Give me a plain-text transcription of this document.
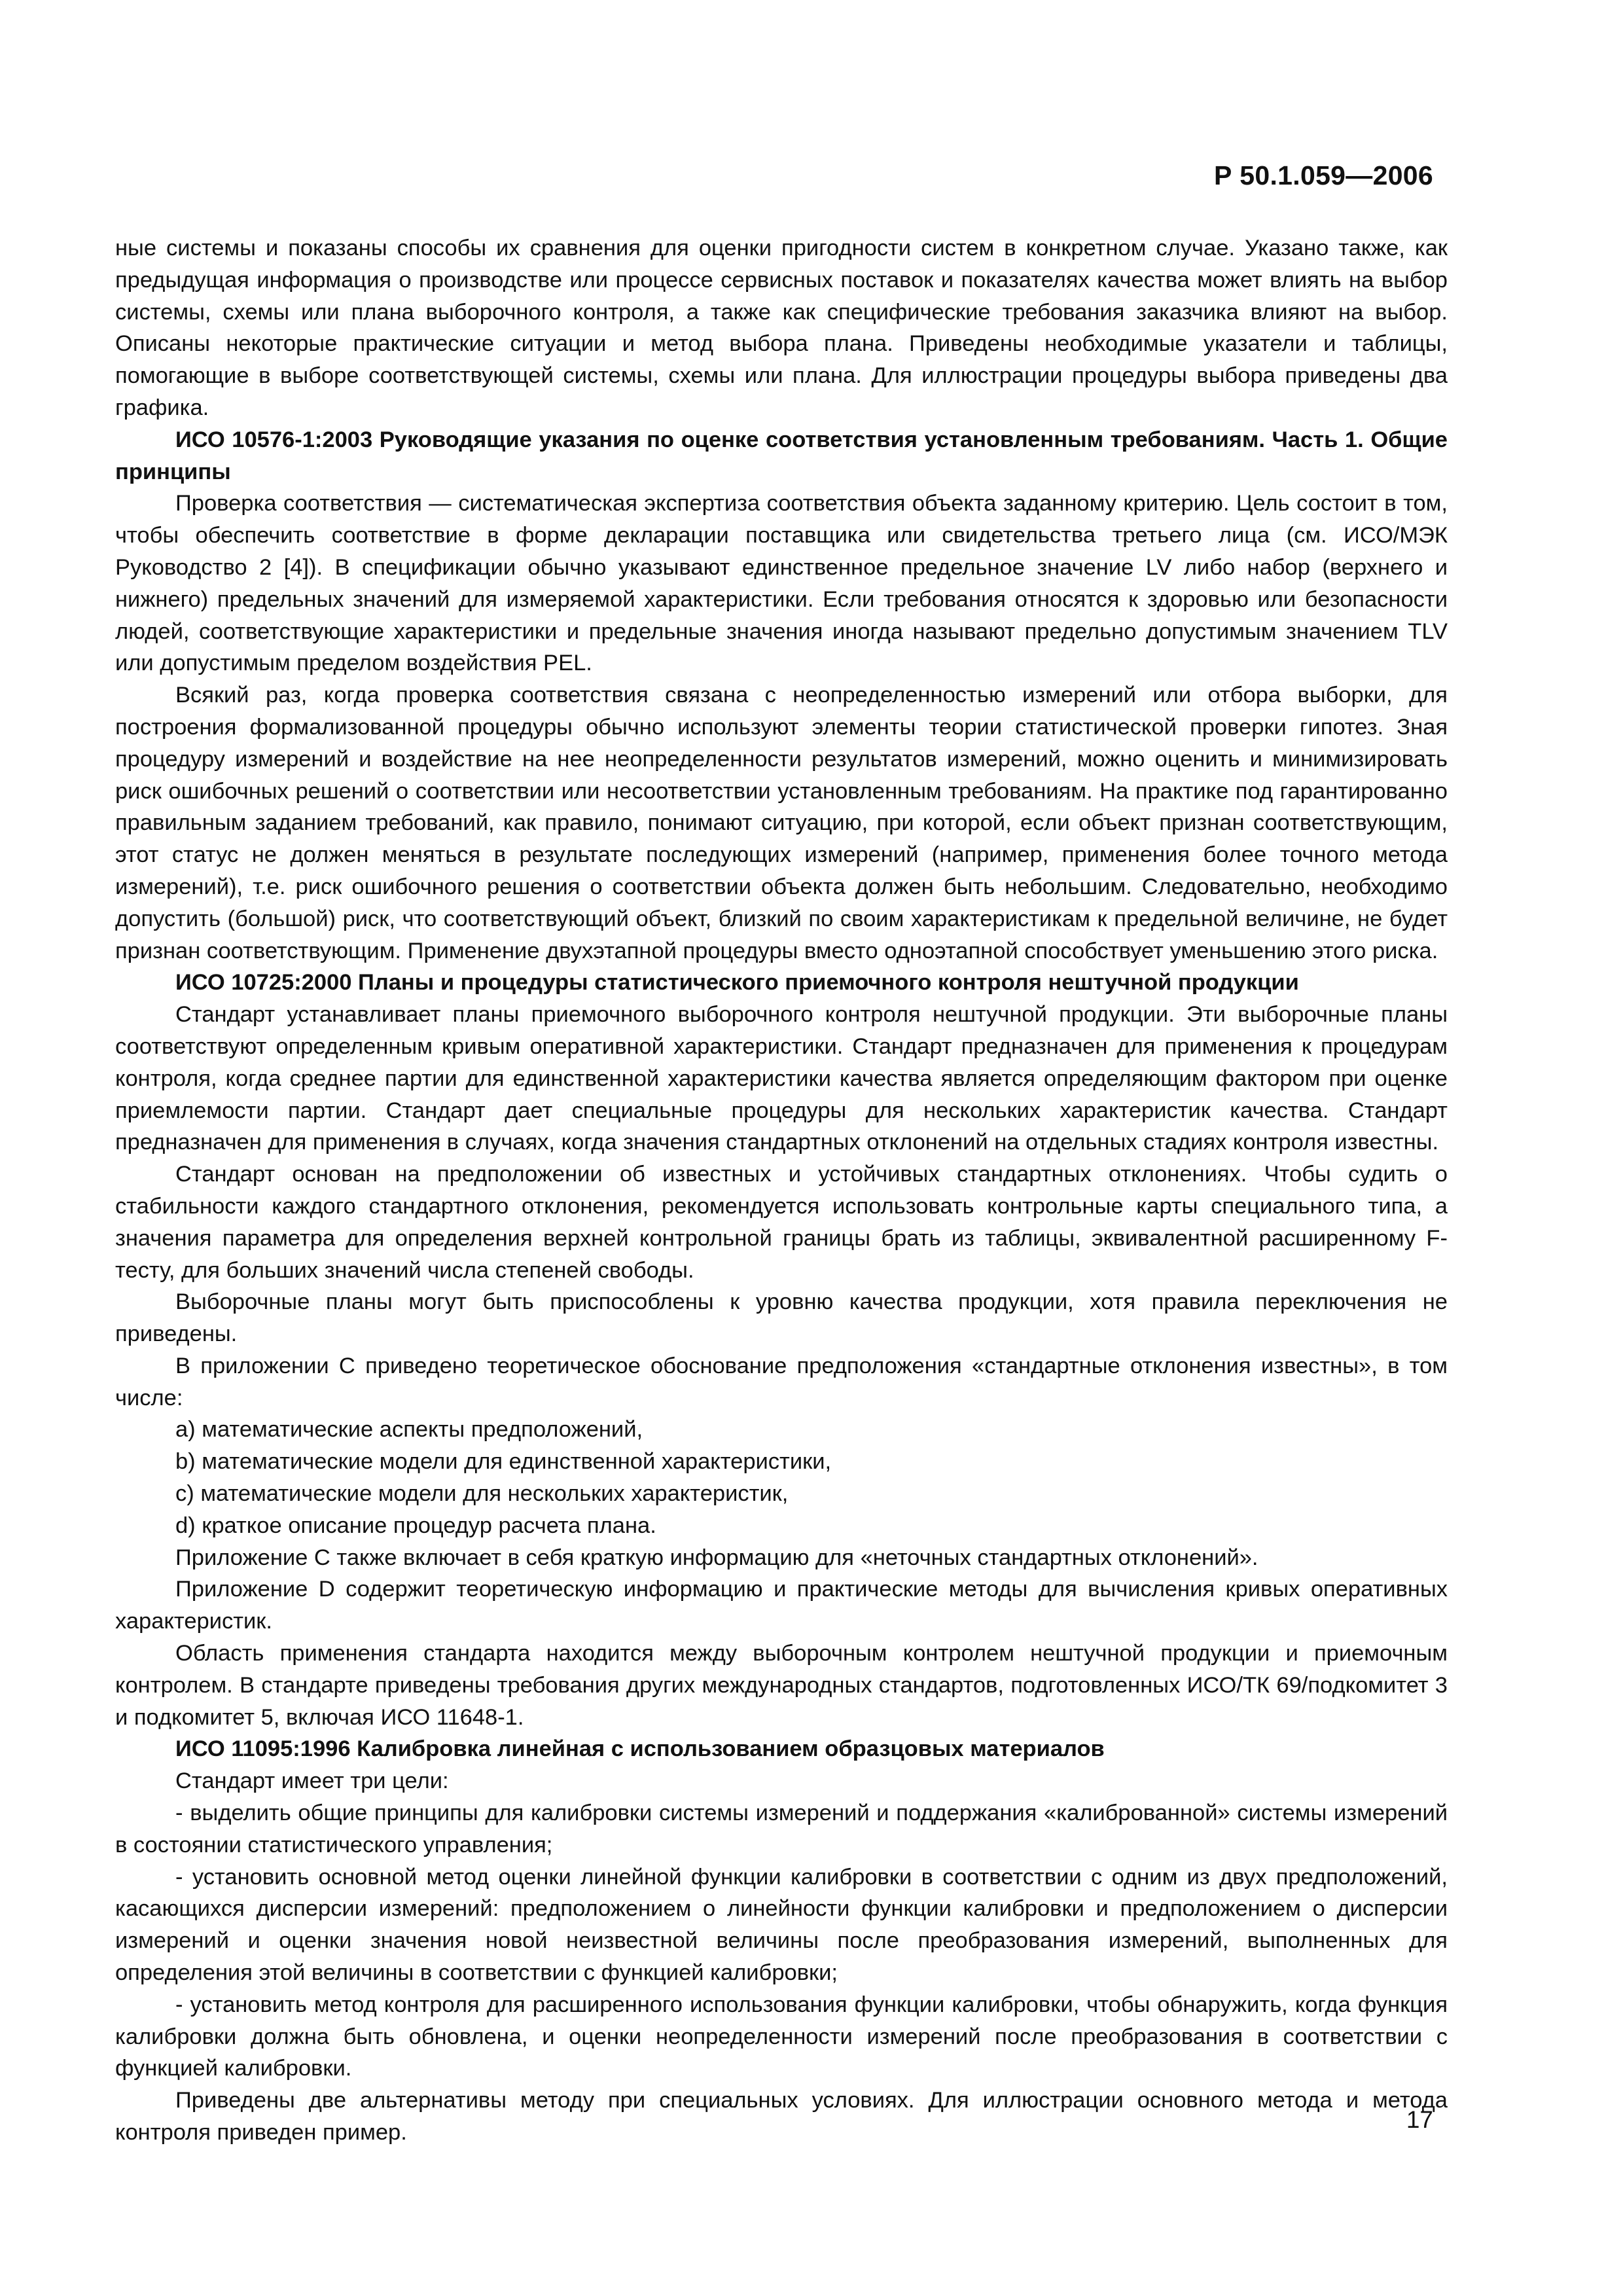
Р 50.1.059—2006

ные системы и показаны способы их сравнения для оценки пригодности систем в конкретном случае. Указано также, как предыдущая информация о производстве или процессе сервисных поставок и показателях качества может влиять на выбор системы, схемы или плана выборочного контроля, а также как специфические требования заказчика влияют на выбор. Описаны некоторые практические ситуации и метод выбора плана. Приведены необходимые указатели и таблицы, помогающие в выборе соответствующей системы, схемы или плана. Для иллюстрации процедуры выбора приведены два графика.

ИСО 10576-1:2003 Руководящие указания по оценке соответствия установленным требованиям. Часть 1. Общие принципы

Проверка соответствия — систематическая экспертиза соответствия объекта заданному критерию. Цель состоит в том, чтобы обеспечить соответствие в форме декларации поставщика или свидетельства третьего лица (см. ИСО/МЭК Руководство 2 [4]). В спецификации обычно указывают единственное предельное значение LV либо набор (верхнего и нижнего) предельных значений для измеряемой характеристики. Если требования относятся к здоровью или безопасности людей, соответствующие характеристики и предельные значения иногда называют предельно допустимым значением TLV или допустимым пределом воздействия PEL.

Всякий раз, когда проверка соответствия связана с неопределенностью измерений или отбора выборки, для построения формализованной процедуры обычно используют элементы теории статистической проверки гипотез. Зная процедуру измерений и воздействие на нее неопределенности результатов измерений, можно оценить и минимизировать риск ошибочных решений о соответствии или несоответствии установленным требованиям. На практике под гарантированно правильным заданием требований, как правило, понимают ситуацию, при которой, если объект признан соответствующим, этот статус не должен меняться в результате последующих измерений (например, применения более точного метода измерений), т.е. риск ошибочного решения о соответствии объекта должен быть небольшим. Следовательно, необходимо допустить (большой) риск, что соответствующий объект, близкий по своим характеристикам к предельной величине, не будет признан соответствующим. Применение двухэтапной процедуры вместо одноэтапной способствует уменьшению этого риска.

ИСО 10725:2000 Планы и процедуры статистического приемочного контроля нештучной продукции

Стандарт устанавливает планы приемочного выборочного контроля нештучной продукции. Эти выборочные планы соответствуют определенным кривым оперативной характеристики. Стандарт предназначен для применения к процедурам контроля, когда среднее партии для единственной характеристики качества является определяющим фактором при оценке приемлемости партии. Стандарт дает специальные процедуры для нескольких характеристик качества. Стандарт предназначен для применения в случаях, когда значения стандартных отклонений на отдельных стадиях контроля известны.

Стандарт основан на предположении об известных и устойчивых стандартных отклонениях. Чтобы судить о стабильности каждого стандартного отклонения, рекомендуется использовать контрольные карты специального типа, а значения параметра для определения верхней контрольной границы брать из таблицы, эквивалентной расширенному F-тесту, для больших значений числа степеней свободы.

Выборочные планы могут быть приспособлены к уровню качества продукции, хотя правила переключения не приведены.

В приложении С приведено теоретическое обоснование предположения «стандартные отклонения известны», в том числе:

a) математические аспекты предположений,

b) математические модели для единственной характеристики,

c) математические модели для нескольких характеристик,

d) краткое описание процедур расчета плана.

Приложение С также включает в себя краткую информацию для «неточных стандартных отклонений».

Приложение D содержит теоретическую информацию и практические методы для вычисления кривых оперативных характеристик.

Область применения стандарта находится между выборочным контролем нештучной продукции и приемочным контролем. В стандарте приведены требования других международных стандартов, подготовленных ИСО/ТК 69/подкомитет 3 и подкомитет 5, включая ИСО 11648-1.

ИСО 11095:1996 Калибровка линейная с использованием образцовых материалов

Стандарт имеет три цели:

- выделить общие принципы для калибровки системы измерений и поддержания «калиброванной» системы измерений в состоянии статистического управления;

- установить основной метод оценки линейной функции калибровки в соответствии с одним из двух предположений, касающихся дисперсии измерений: предположением о линейности функции калибровки и предположением о дисперсии измерений и оценки значения новой неизвестной величины после преобразования измерений, выполненных для определения этой величины в соответствии с функцией калибровки;

- установить метод контроля для расширенного использования функции калибровки, чтобы обнаружить, когда функция калибровки должна быть обновлена, и оценки неопределенности измерений после преобразования в соответствии с функцией калибровки.

Приведены две альтернативы методу при специальных условиях. Для иллюстрации основного метода и метода контроля приведен пример.	17
